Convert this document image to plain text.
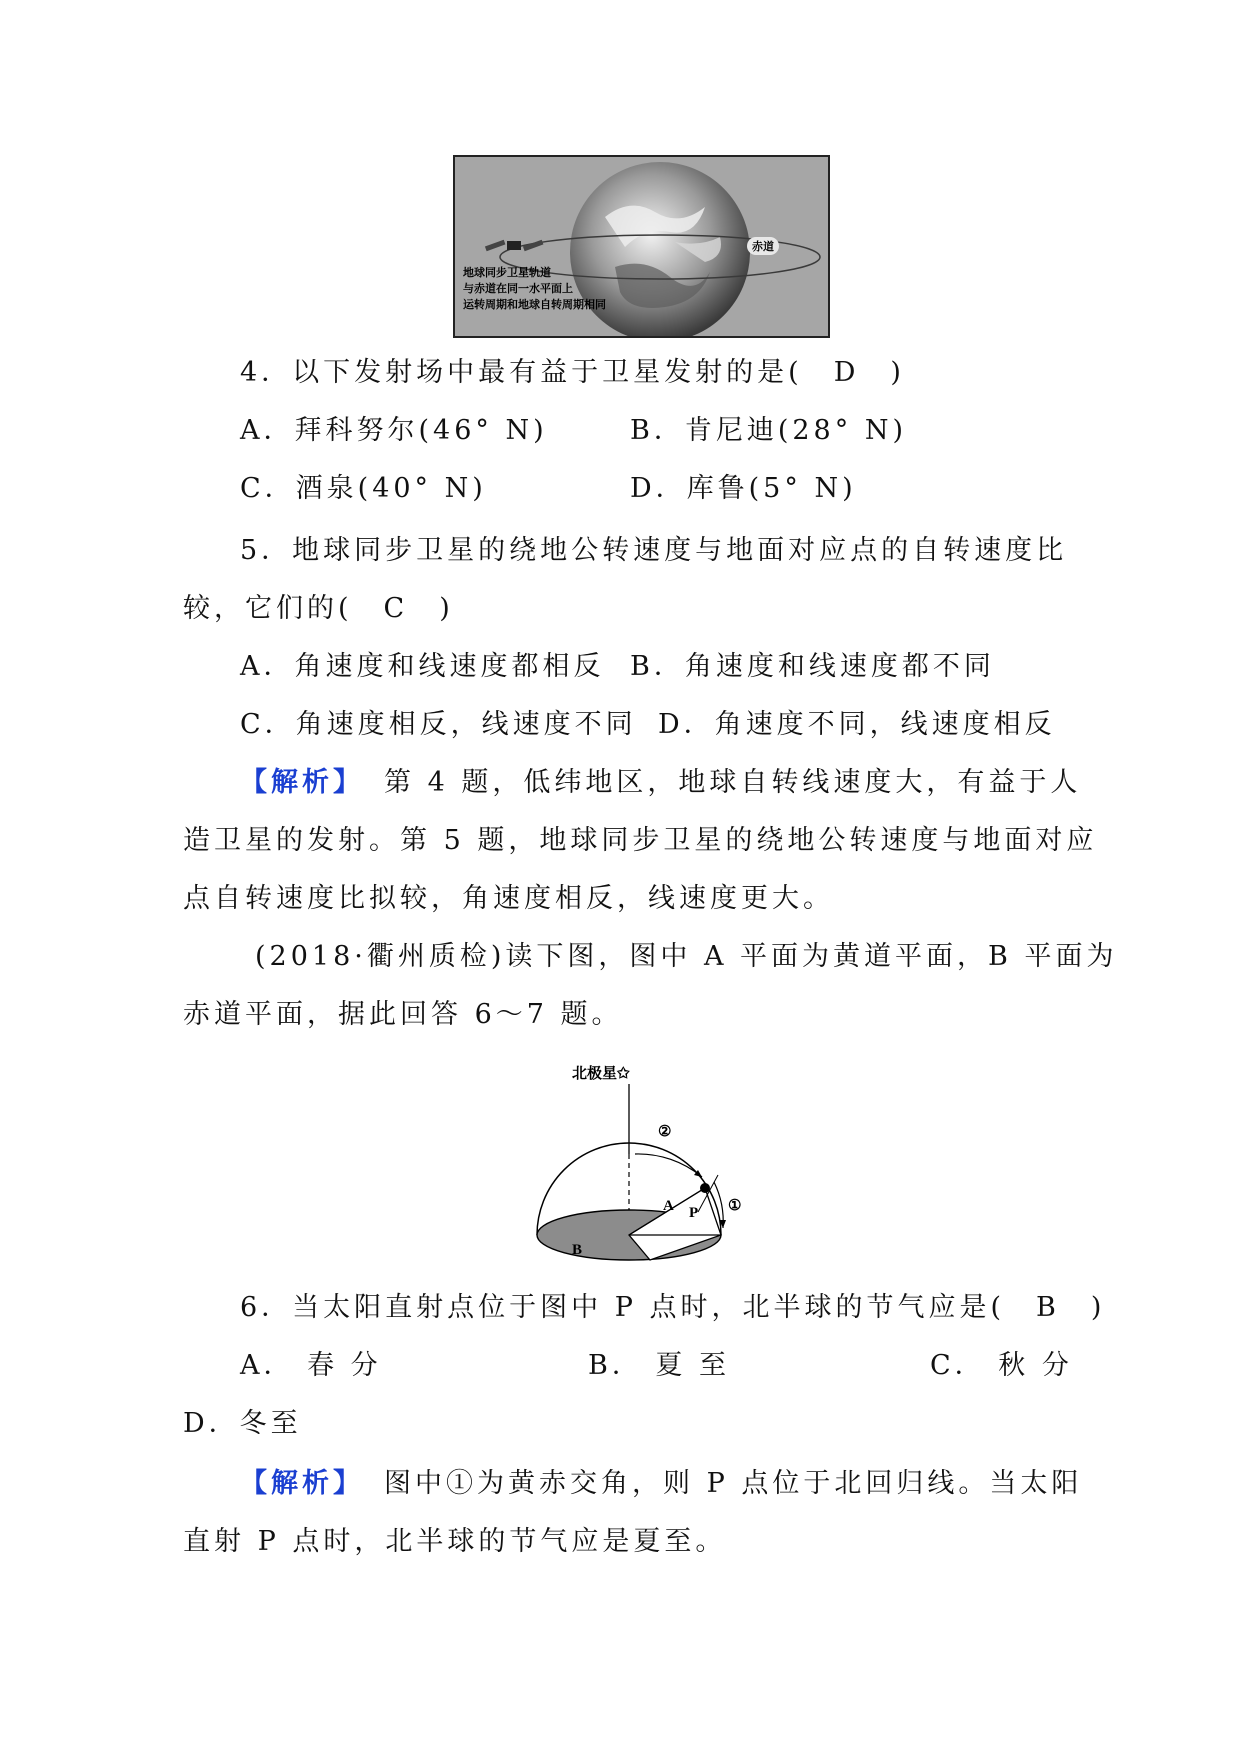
地球同步卫星轨道
与赤道在同一水平面上
运转周期和地球自转周期相同
赤道
4．以下发射场中最有益于卫星发射的是(　D　)
A．拜科努尔(46° N)	B．肯尼迪(28° N)
C．酒泉(40° N)	D．库鲁(5° N)
5．地球同步卫星的绕地公转速度与地面对应点的自转速度比
较，它们的(　C　)
A．角速度和线速度都相反 B．角速度和线速度都不同
C．角速度相反，线速度不同 D．角速度不同，线速度相反
【解析】 第 4 题，低纬地区，地球自转线速度大，有益于人
造卫星的发射。第 5 题，地球同步卫星的绕地公转速度与地面对应
点自转速度比拟较，角速度相反，线速度更大。
(2018·衢州质检)读下图，图中 A 平面为黄道平面，B 平面为
赤道平面，据此回答 6～7 题。
北极星✩
②
①
A P
B
6．当太阳直射点位于图中 P 点时，北半球的节气应是(　B　)
A． 春 分	B． 夏 至	C． 秋 分
D．冬至
【解析】 图中①为黄赤交角，则 P 点位于北回归线。当太阳
直射 P 点时，北半球的节气应是夏至。
